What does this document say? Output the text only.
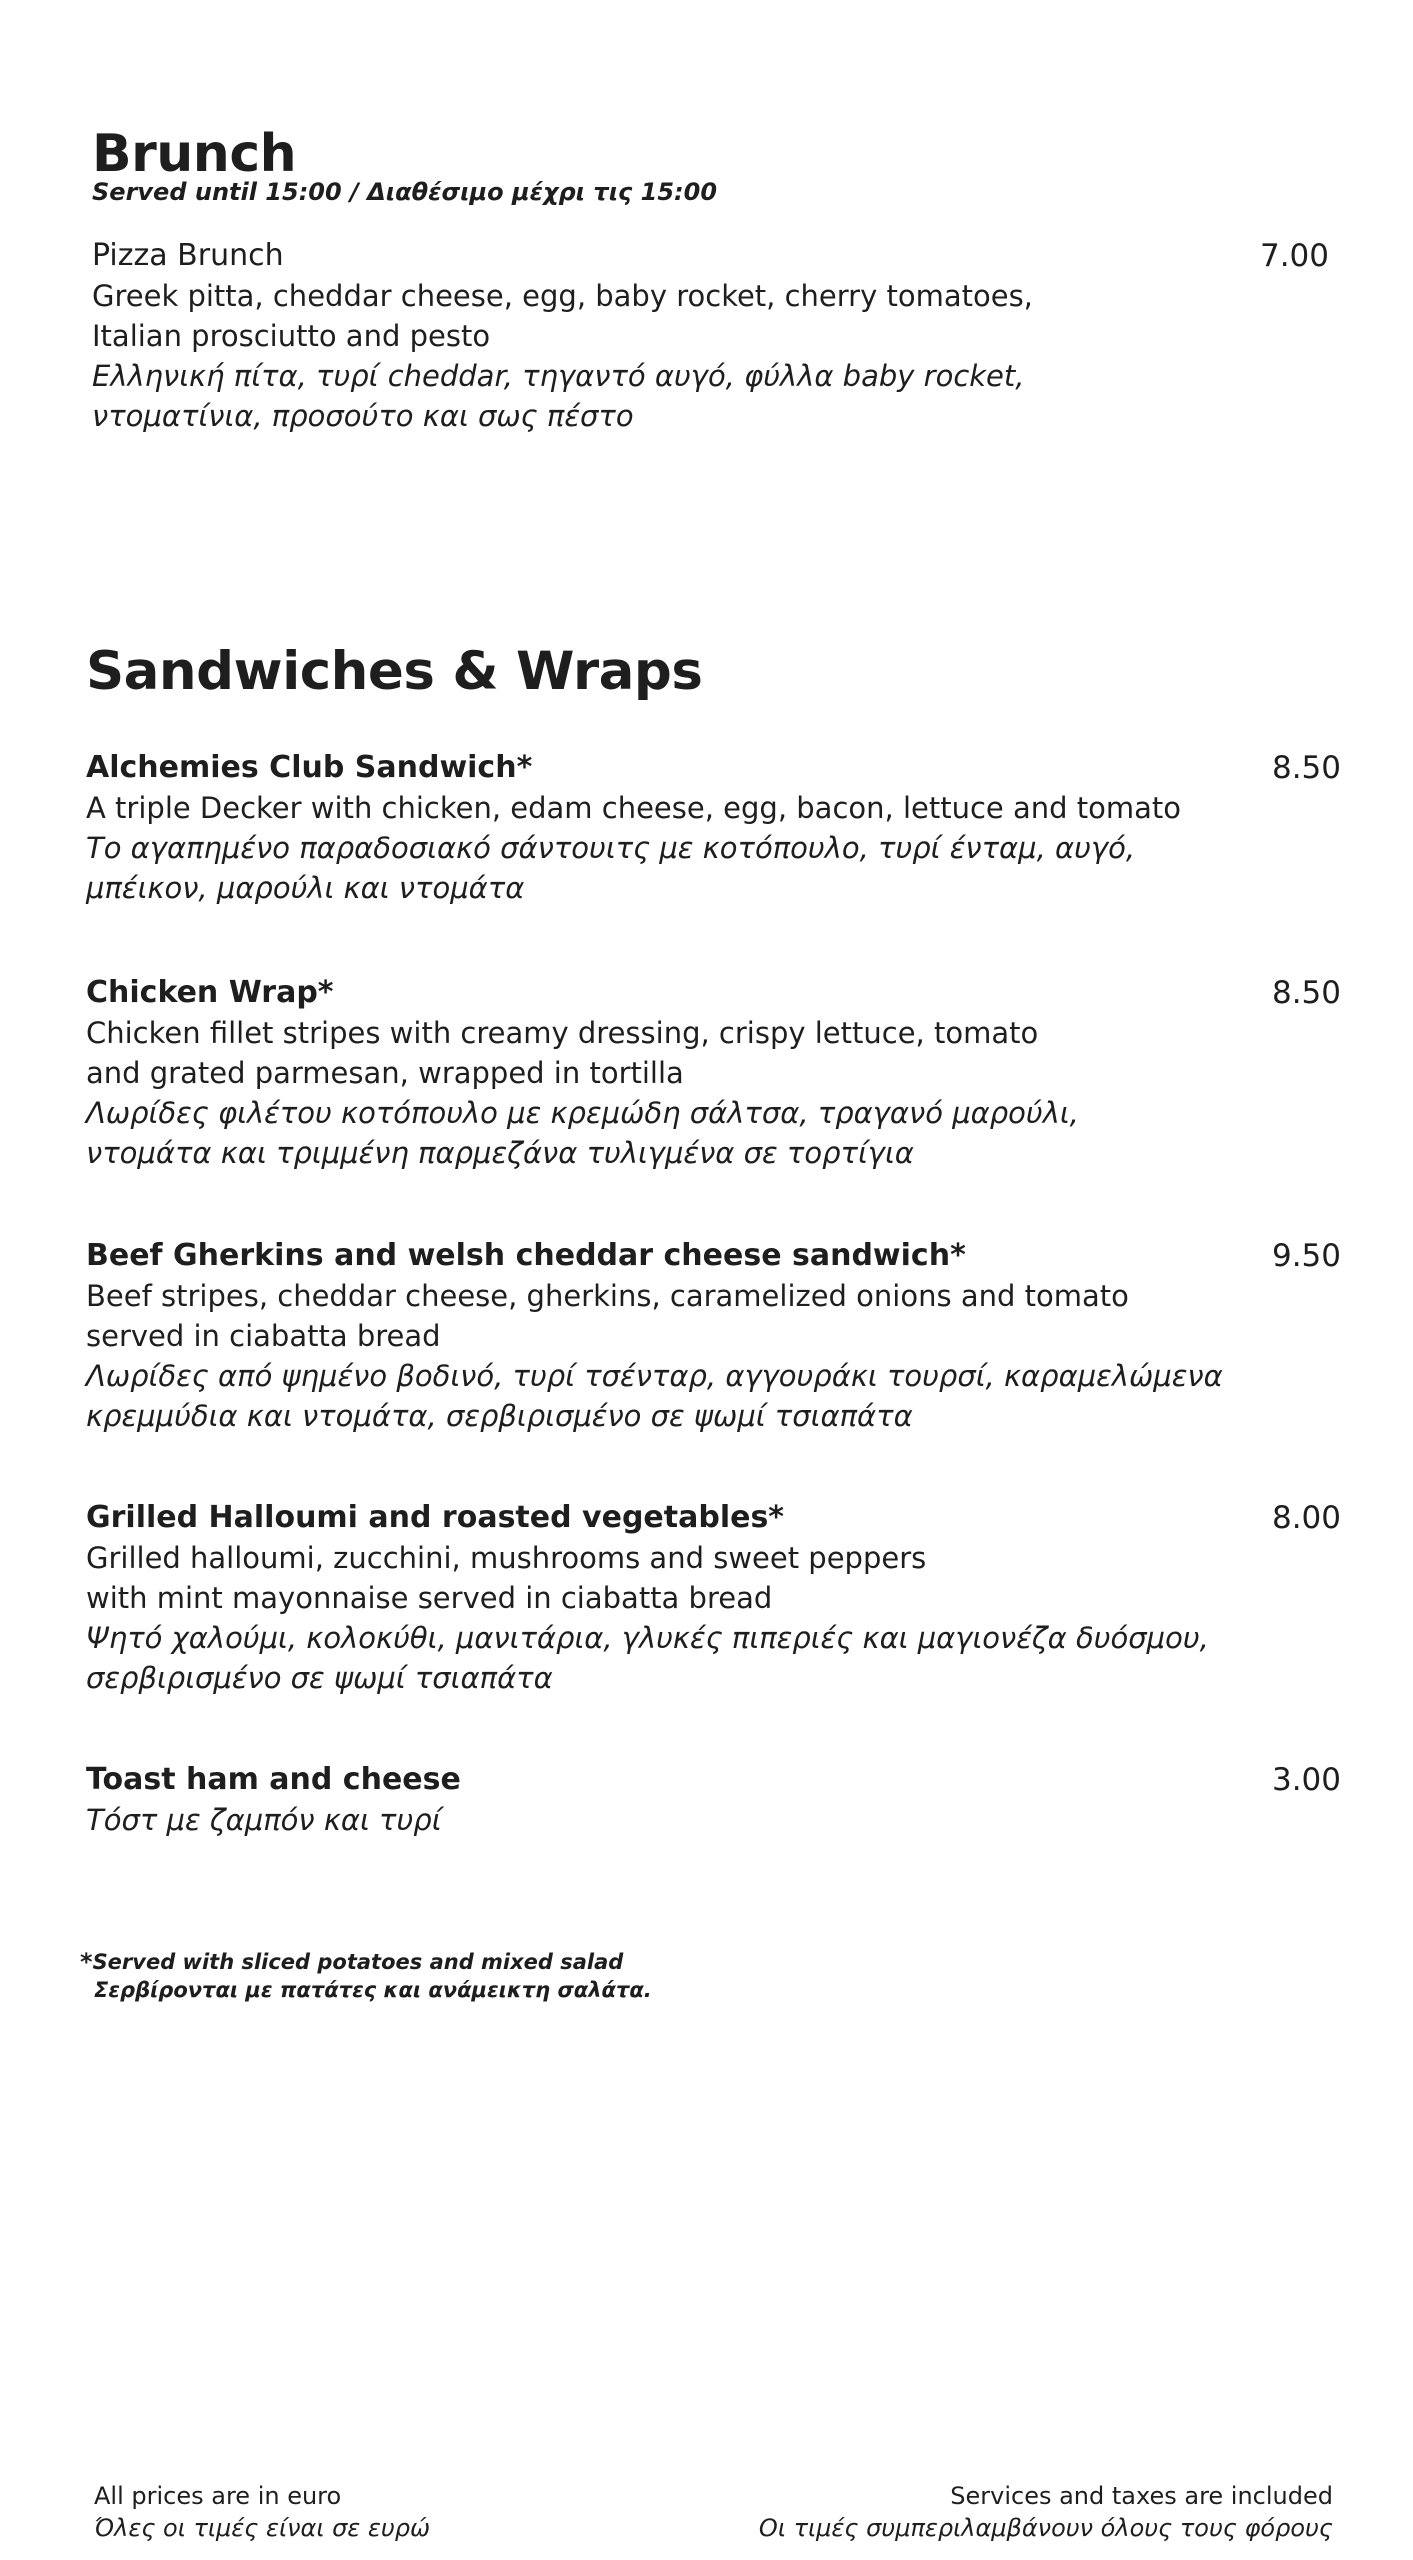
Brunch
Served until 15:00 / Διαθέσιμο μέχρι τις 15:00
Pizza Brunch	7.00
Greek pitta, cheddar cheese, egg, baby rocket, cherry tomatoes,
Italian prosciutto and pesto
Ελληνική πίτα, τυρί cheddar, τηγαντό αυγό, φύλλα baby rocket,
ντοματίνια, προσούτο και σως πέστο
Sandwiches & Wraps
Alchemies Club Sandwich*	8.50
A triple Decker with chicken, edam cheese, egg, bacon, lettuce and tomato
Το αγαπημένο παραδοσιακό σάντουιτς με κοτόπουλο, τυρί ένταμ, αυγό,
μπέικον, μαρούλι και ντομάτα
Chicken Wrap*	8.50
Chicken fillet stripes with creamy dressing, crispy lettuce, tomato
and grated parmesan, wrapped in tortilla
Λωρίδες φιλέτου κοτόπουλο με κρεμώδη σάλτσα, τραγανό μαρούλι,
ντομάτα και τριμμένη παρμεζάνα τυλιγμένα σε τορτίγια
Beef Gherkins and welsh cheddar cheese sandwich*	9.50
Beef stripes, cheddar cheese, gherkins, caramelized onions and tomato
served in ciabatta bread
Λωρίδες από ψημένο βοδινό, τυρί τσένταρ, αγγουράκι τουρσί, καραμελώμενα
κρεμμύδια και ντομάτα, σερβιρισμένο σε ψωμί τσιαπάτα
Grilled Halloumi and roasted vegetables*	8.00
Grilled halloumi, zucchini, mushrooms and sweet peppers
with mint mayonnaise served in ciabatta bread
Ψητό χαλούμι, κολοκύθι, μανιτάρια, γλυκές πιπεριές και μαγιονέζα δυόσμου,
σερβιρισμένο σε ψωμί τσιαπάτα
Toast ham and cheese	3.00
Τόστ με ζαμπόν και τυρί
*Served with sliced potatoes and mixed salad
Σερβίρονται με πατάτες και ανάμεικτη σαλάτα.
All prices are in euro
Όλες οι τιμές είναι σε ευρώ
Services and taxes are included
Οι τιμές συμπεριλαμβάνουν όλους τους φόρους
